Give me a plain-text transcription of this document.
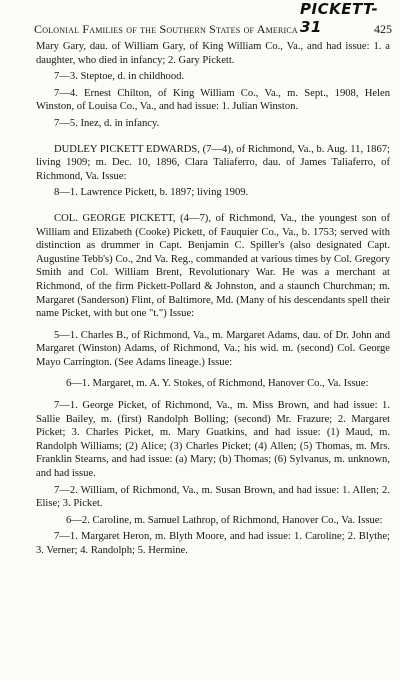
PICKETT-31
Colonial Families of the Southern States of America	425

Mary Gary, dau. of William Gary, of King William Co., Va., and had issue: 1. a daughter, who died in infancy; 2. Gary Pickett.

7—3. Steptoe, d. in childhood.

7—4. Ernest Chilton, of King William Co., Va., m. Sept., 1908, Helen Winston, of Louisa Co., Va., and had issue: 1. Julian Winston.

7—5. Inez, d. in infancy.

DUDLEY PICKETT EDWARDS, (7—4), of Richmond, Va., b. Aug. 11, 1867; living 1909; m. Dec. 10, 1896, Clara Taliaferro, dau. of James Taliaferro, of Richmond, Va. Issue:

8—1. Lawrence Pickett, b. 1897; living 1909.

COL. GEORGE PICKETT, (4—7), of Richmond, Va., the youngest son of William and Elizabeth (Cooke) Pickett, of Fauquier Co., Va., b. 1753; served with distinction as drummer in Capt. Benjamin C. Spiller's (also designated Capt. Augustine Tebb's) Co., 2nd Va. Reg., commanded at various times by Col. Gregory Smith and Col. William Brent, Revolutionary War. He was a merchant at Richmond, of the firm Pickett-Pollard & Johnston, and a staunch Churchman; m. Margaret (Sanderson) Flint, of Baltimore, Md. (Many of his descendants spell their name Picket, with but one "t.") Issue:

5—1. Charles B., of Richmond, Va., m. Margaret Adams, dau. of Dr. John and Margaret (Winston) Adams, of Richmond, Va.; his wid. m. (second) Col. George Mayo Carrington. (See Adams lineage.) Issue:

6—1. Margaret, m. A. Y. Stokes, of Richmond, Hanover Co., Va. Issue:

7—1. George Picket, of Richmond, Va., m. Miss Brown, and had issue: 1. Sallie Bailey, m. (first) Randolph Bolling; (second) Mr. Frazure; 2. Margaret Picket; 3. Charles Picket, m. Mary Guatkins, and had issue: (1) Maud, m. Randolph Williams; (2) Alice; (3) Charles Picket; (4) Allen; (5) Thomas, m. Mrs. Franklin Stearns, and had issue: (a) Mary; (b) Thomas; (6) Sylvanus, m. unknown, and had issue.

7—2. William, of Richmond, Va., m. Susan Brown, and had issue: 1. Allen; 2. Elise; 3. Picket.

6—2. Caroline, m. Samuel Lathrop, of Richmond, Hanover Co., Va. Issue:

7—1. Margaret Heron, m. Blyth Moore, and had issue: 1. Caroline; 2. Blythe; 3. Verner; 4. Randolph; 5. Hermine.
